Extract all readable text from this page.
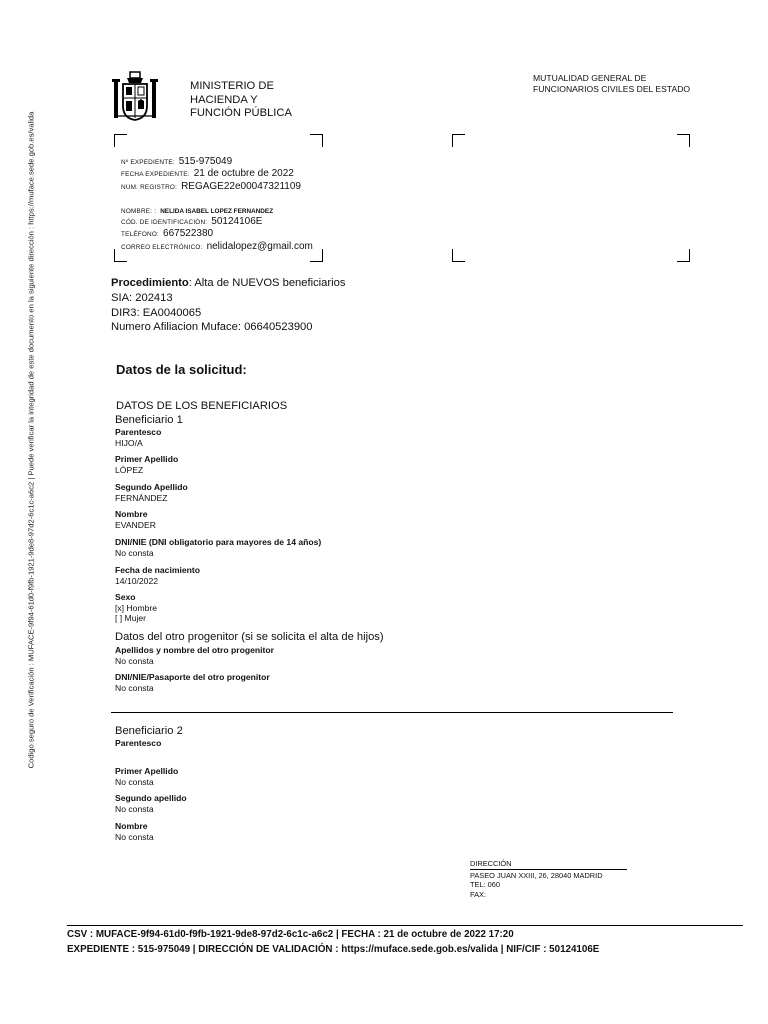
Codigo seguro de Verificación : MUFACE-9f94-61d0-f9fb-1921-9de8-97d2-6c1c-a6c2 | Puede verificar la integridad de este documento en la siguiente dirección : https://muface.sede.gob.es/valida
MINISTERIO DE
HACIENDA Y
FUNCIÓN PÚBLICA
MUTUALIDAD GENERAL DE
FUNCIONARIOS CIVILES DEL ESTADO
Nº EXPEDIENTE: 515-975049
FECHA EXPEDIENTE: 21 de octubre de 2022
NUM. REGISTRO: REGAGE22e00047321109
NOMBRE: : NELIDA ISABEL LOPEZ FERNANDEZ
CÓD. DE IDENTIFICACIÓN: 50124106E
TELÉFONO: 667522380
CORREO ELECTRÓNICO: nelidalopez@gmail.com
Procedimiento: Alta de NUEVOS beneficiarios
SIA: 202413
DIR3: EA0040065
Numero Afiliacion Muface: 06640523900
Datos de la solicitud:
DATOS DE LOS BENEFICIARIOS
Beneficiario 1
Parentesco
HIJO/A
Primer Apellido
LÓPEZ
Segundo Apellido
FERNÁNDEZ
Nombre
EVANDER
DNI/NIE (DNI obligatorio para mayores de 14 años)
No consta
Fecha de nacimiento
14/10/2022
Sexo
[x] Hombre
[ ] Mujer
Datos del otro progenitor (si se solicita el alta de hijos)
Apellidos y nombre del otro progenitor
No consta
DNI/NIE/Pasaporte del otro progenitor
No consta
Beneficiario 2
Parentesco
Primer Apellido
No consta
Segundo apellido
No consta
Nombre
No consta
DIRECCIÓN
PASEO JUAN XXIII, 26, 28040 MADRID
TEL: 060
FAX:
CSV : MUFACE-9f94-61d0-f9fb-1921-9de8-97d2-6c1c-a6c2 | FECHA : 21 de octubre de 2022 17:20
EXPEDIENTE : 515-975049 | DIRECCIÓN DE VALIDACIÓN : https://muface.sede.gob.es/valida | NIF/CIF : 50124106E
